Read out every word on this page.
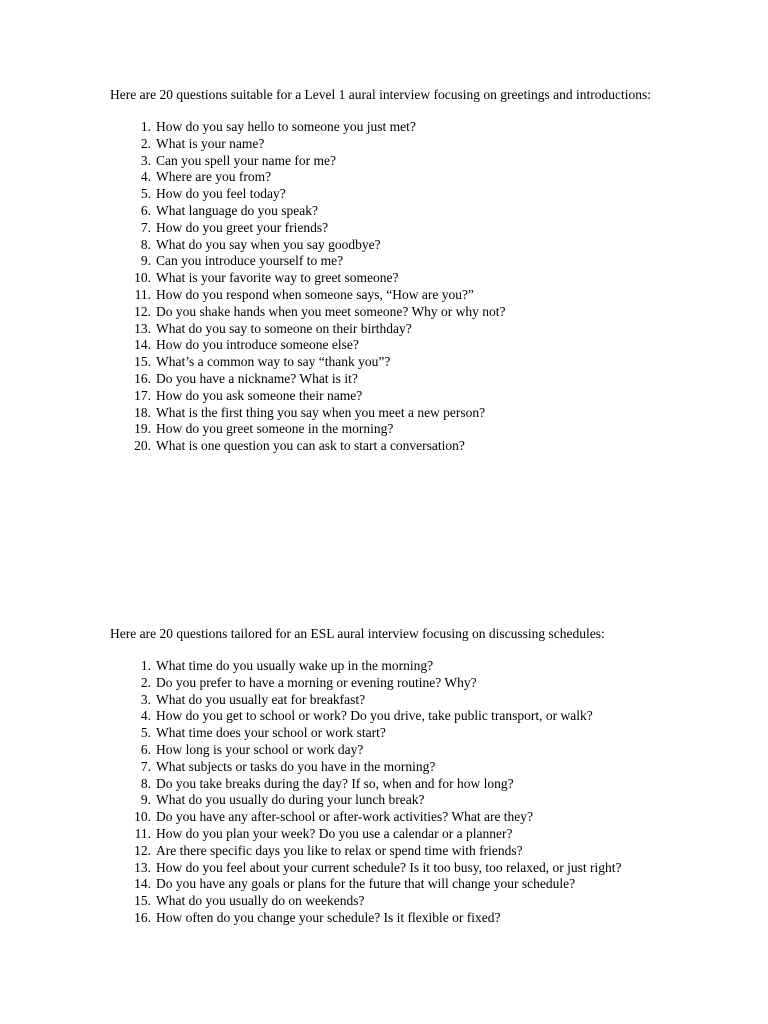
Here are 20 questions suitable for a Level 1 aural interview focusing on greetings and introductions:

1. How do you say hello to someone you just met?
2. What is your name?
3. Can you spell your name for me?
4. Where are you from?
5. How do you feel today?
6. What language do you speak?
7. How do you greet your friends?
8. What do you say when you say goodbye?
9. Can you introduce yourself to me?
10. What is your favorite way to greet someone?
11. How do you respond when someone says, “How are you?”
12. Do you shake hands when you meet someone? Why or why not?
13. What do you say to someone on their birthday?
14. How do you introduce someone else?
15. What’s a common way to say “thank you”?
16. Do you have a nickname? What is it?
17. How do you ask someone their name?
18. What is the first thing you say when you meet a new person?
19. How do you greet someone in the morning?
20. What is one question you can ask to start a conversation?

Here are 20 questions tailored for an ESL aural interview focusing on discussing schedules:

1. What time do you usually wake up in the morning?
2. Do you prefer to have a morning or evening routine? Why?
3. What do you usually eat for breakfast?
4. How do you get to school or work? Do you drive, take public transport, or walk?
5. What time does your school or work start?
6. How long is your school or work day?
7. What subjects or tasks do you have in the morning?
8. Do you take breaks during the day? If so, when and for how long?
9. What do you usually do during your lunch break?
10. Do you have any after-school or after-work activities? What are they?
11. How do you plan your week? Do you use a calendar or a planner?
12. Are there specific days you like to relax or spend time with friends?
13. How do you feel about your current schedule? Is it too busy, too relaxed, or just right?
14. Do you have any goals or plans for the future that will change your schedule?
15. What do you usually do on weekends?
16. How often do you change your schedule? Is it flexible or fixed?
